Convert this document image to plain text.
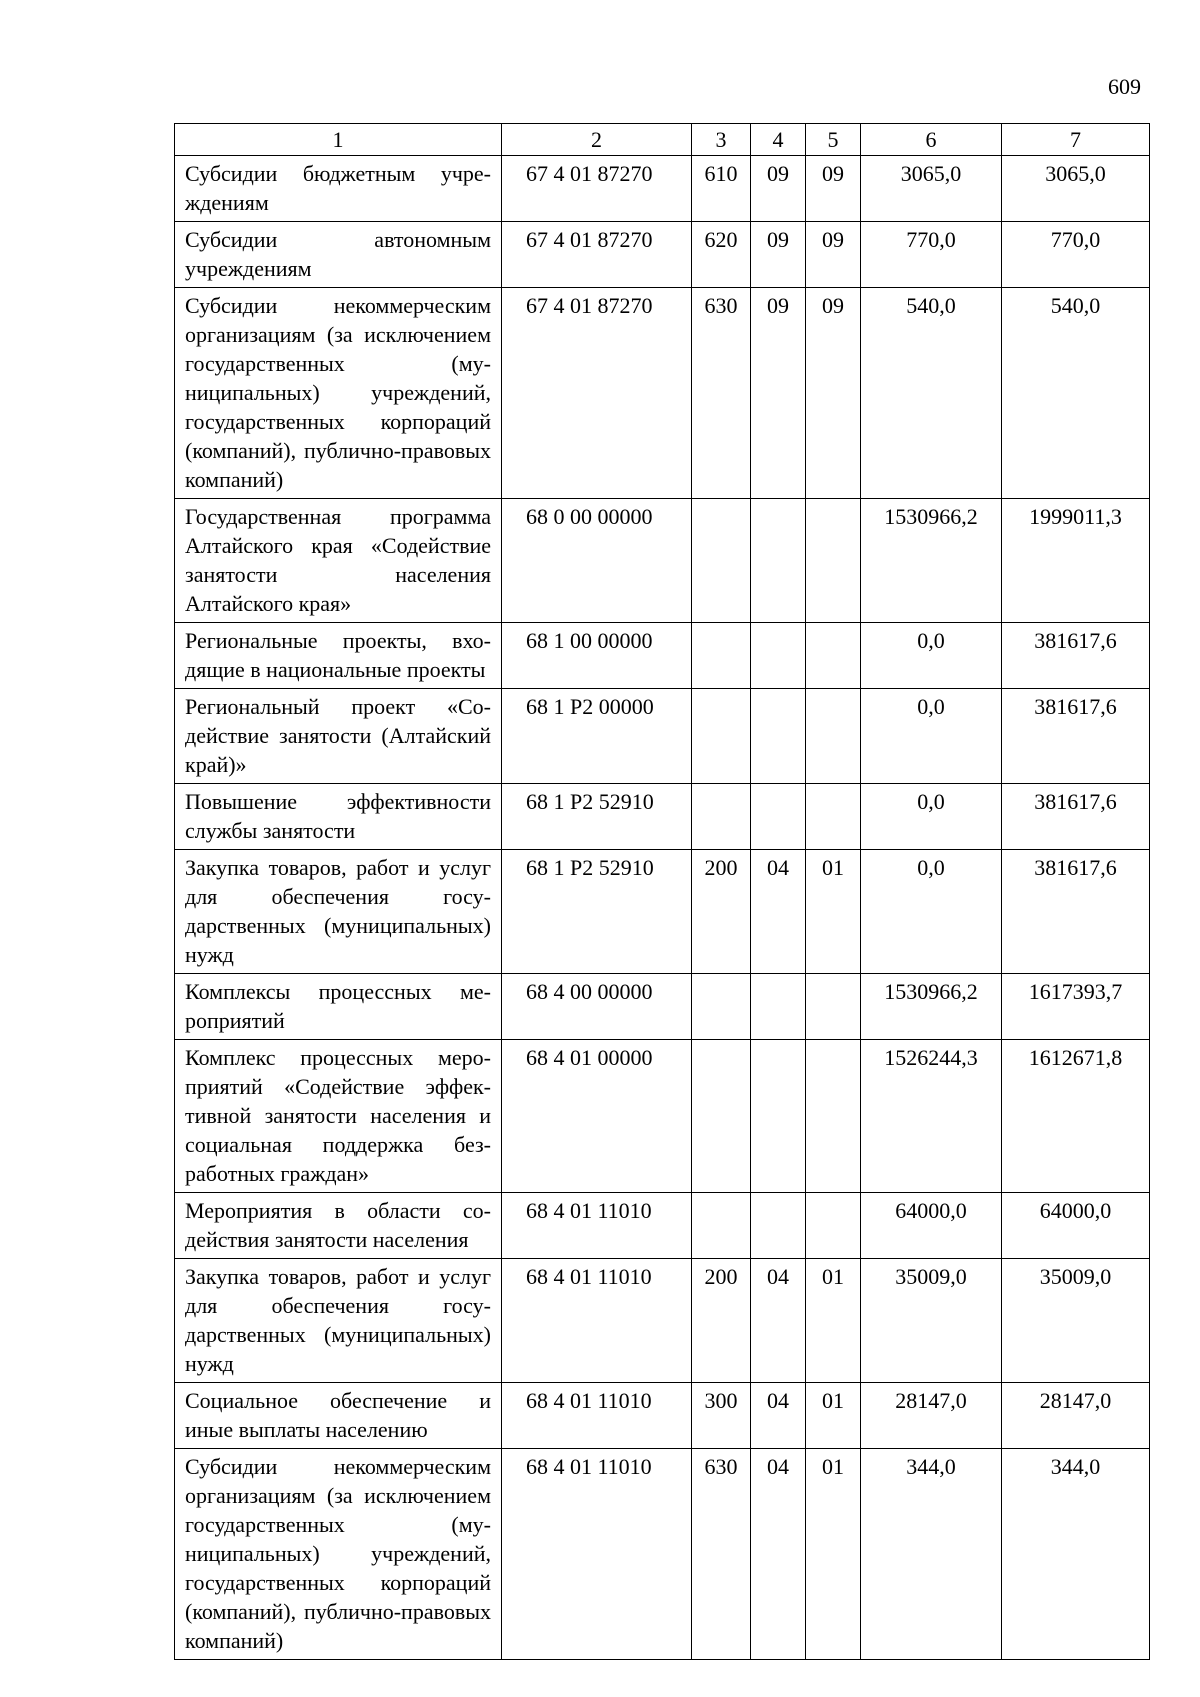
609
1	2	3	4	5	6	7
Субсидии бюджетным учреждениям	67 4 01 87270	610	09	09	3065,0	3065,0
Субсидии автономным учреждениям	67 4 01 87270	620	09	09	770,0	770,0
Субсидии некоммерческим организациям (за исключением государственных (муниципальных) учреждений, государственных корпораций (компаний), публично-правовых компаний)	67 4 01 87270	630	09	09	540,0	540,0
Государственная программа Алтайского края «Содействие занятости населения Алтайского края»	68 0 00 00000				1530966,2	1999011,3
Региональные проекты, входящие в национальные проекты	68 1 00 00000				0,0	381617,6
Региональный проект «Содействие занятости (Алтайский край)»	68 1 P2 00000				0,0	381617,6
Повышение эффективности службы занятости	68 1 P2 52910				0,0	381617,6
Закупка товаров, работ и услуг для обеспечения государственных (муниципальных) нужд	68 1 P2 52910	200	04	01	0,0	381617,6
Комплексы процессных мероприятий	68 4 00 00000				1530966,2	1617393,7
Комплекс процессных мероприятий «Содействие эффективной занятости населения и социальная поддержка безработных граждан»	68 4 01 00000				1526244,3	1612671,8
Мероприятия в области содействия занятости населения	68 4 01 11010				64000,0	64000,0
Закупка товаров, работ и услуг для обеспечения государственных (муниципальных) нужд	68 4 01 11010	200	04	01	35009,0	35009,0
Социальное обеспечение и иные выплаты населению	68 4 01 11010	300	04	01	28147,0	28147,0
Субсидии некоммерческим организациям (за исключением государственных (муниципальных) учреждений, государственных корпораций (компаний), публично-правовых компаний)	68 4 01 11010	630	04	01	344,0	344,0
